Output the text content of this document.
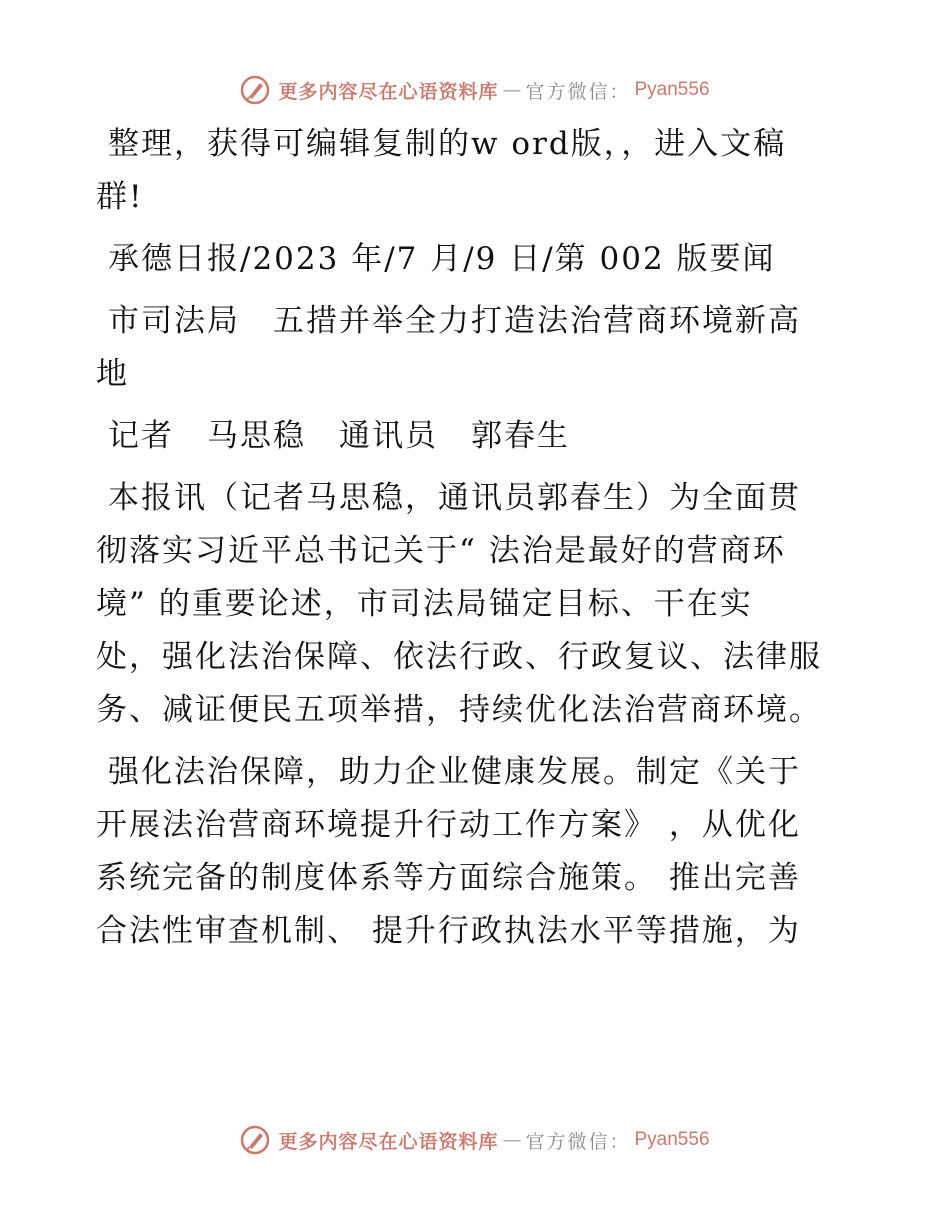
更多内容尽在心语资料库 — 官方微信： Pyan556

整理，获得可编辑复制的w ord版，，进入文稿
群!

承德日报/2023 年/7 月/9 日/第 002 版要闻

市司法局　五措并举全力打造法治营商环境新高
地

记者　马思稳　通讯员　郭春生

本报讯（记者马思稳，通讯员郭春生）为全面贯
彻落实习近平总书记关于“ 法治是最好的营商环
境” 的重要论述，市司法局锚定目标、干在实
处，强化法治保障、依法行政、行政复议、法律服
务、减证便民五项举措，持续优化法治营商环境。

强化法治保障，助力企业健康发展。制定《关于
开展法治营商环境提升行动工作方案》 ，从优化
系统完备的制度体系等方面综合施策。 推出完善
合法性审查机制、 提升行政执法水平等措施，为

更多内容尽在心语资料库 — 官方微信： Pyan556
